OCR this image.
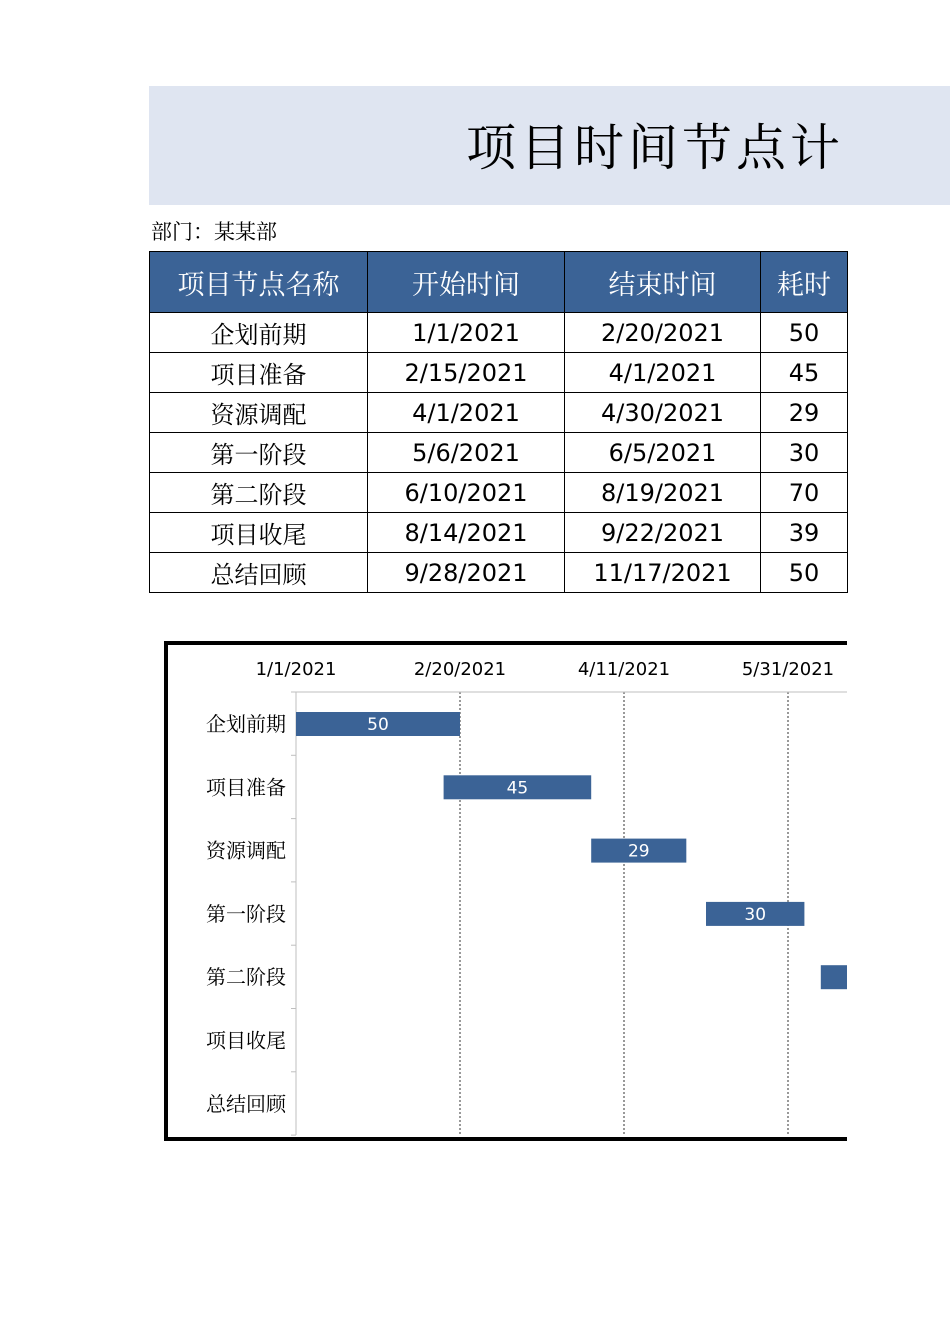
项目时间节点计
部门：某某部
项目节点名称	开始时间	结束时间	耗时
企划前期	1/1/2021	2/20/2021	50
项目准备	2/15/2021	4/1/2021	45
资源调配	4/1/2021	4/30/2021	29
第一阶段	5/6/2021	6/5/2021	30
第二阶段	6/10/2021	8/19/2021	70
项目收尾	8/14/2021	9/22/2021	39
总结回顾	9/28/2021	11/17/2021	50
1/1/2021	2/20/2021	4/11/2021	5/31/2021
企划前期	50
项目准备	45
资源调配	29
第一阶段	30
第二阶段
项目收尾
总结回顾
